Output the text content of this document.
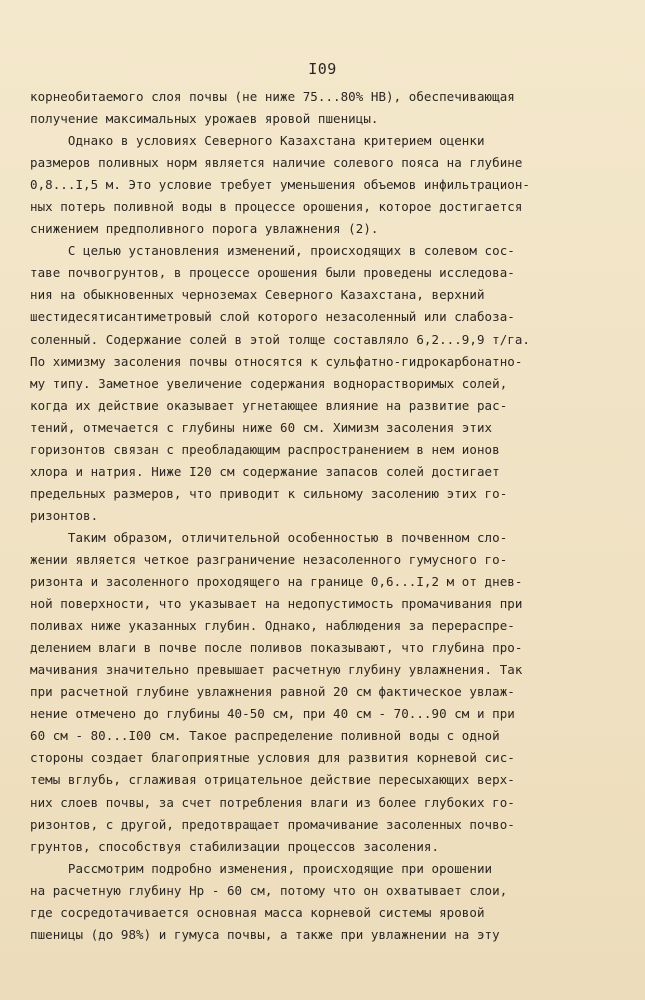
I09
корнеобитаемого слоя почвы (не ниже 75...80% НВ), обеспечивающая
получение максимальных урожаев яровой пшеницы.
Однако в условиях Северного Казахстана критерием оценки
размеров поливных норм является наличие солевого пояса на глубине
0,8...I,5 м. Это условие требует уменьшения объемов инфильтрацион-
ных потерь поливной воды в процессе орошения, которое достигается
снижением предполивного порога увлажнения (2).
С целью установления изменений, происходящих в солевом сос-
таве почвогрунтов, в процессе орошения были проведены исследова-
ния на обыкновенных черноземах Северного Казахстана, верхний
шестидесятисантиметровый слой которого незасоленный или слабоза-
соленный. Содержание солей в этой толще составляло 6,2...9,9 т/га.
По химизму засоления почвы относятся к сульфатно-гидрокарбонатно-
му типу. Заметное увеличение содержания воднорастворимых солей,
когда их действие оказывает угнетающее влияние на развитие рас-
тений, отмечается с глубины ниже 60 см. Химизм засоления этих
горизонтов связан с преобладающим распространением в нем ионов
хлора и натрия. Ниже I20 см содержание запасов солей достигает
предельных размеров, что приводит к сильному засолению этих го-
ризонтов.
Таким образом, отличительной особенностью в почвенном сло-
жении является четкое разграничение незасоленного гумусного го-
ризонта и засоленного проходящего на границе 0,6...I,2 м от днев-
ной поверхности, что указывает на недопустимость промачивания при
поливах ниже указанных глубин. Однако, наблюдения за перераспре-
делением влаги в почве после поливов показывают, что глубина про-
мачивания значительно превышает расчетную глубину увлажнения. Так
при расчетной глубине увлажнения равной 20 см фактическое увлаж-
нение отмечено до глубины 40-50 см, при 40 см - 70...90 см и при
60 см - 80...I00 см. Такое распределение поливной воды с одной
стороны создает благоприятные условия для развития корневой сис-
темы вглубь, сглаживая отрицательное действие пересыхающих верх-
них слоев почвы, за счет потребления влаги из более глубоких го-
ризонтов, с другой, предотвращает промачивание засоленных почво-
грунтов, способствуя стабилизации процессов засоления.
Рассмотрим подробно изменения, происходящие при орошении
на расчетную глубину Нр - 60 см, потому что он охватывает слои,
где сосредотачивается основная масса корневой системы яровой
пшеницы (до 98%) и гумуса почвы, а также при увлажнении на эту
